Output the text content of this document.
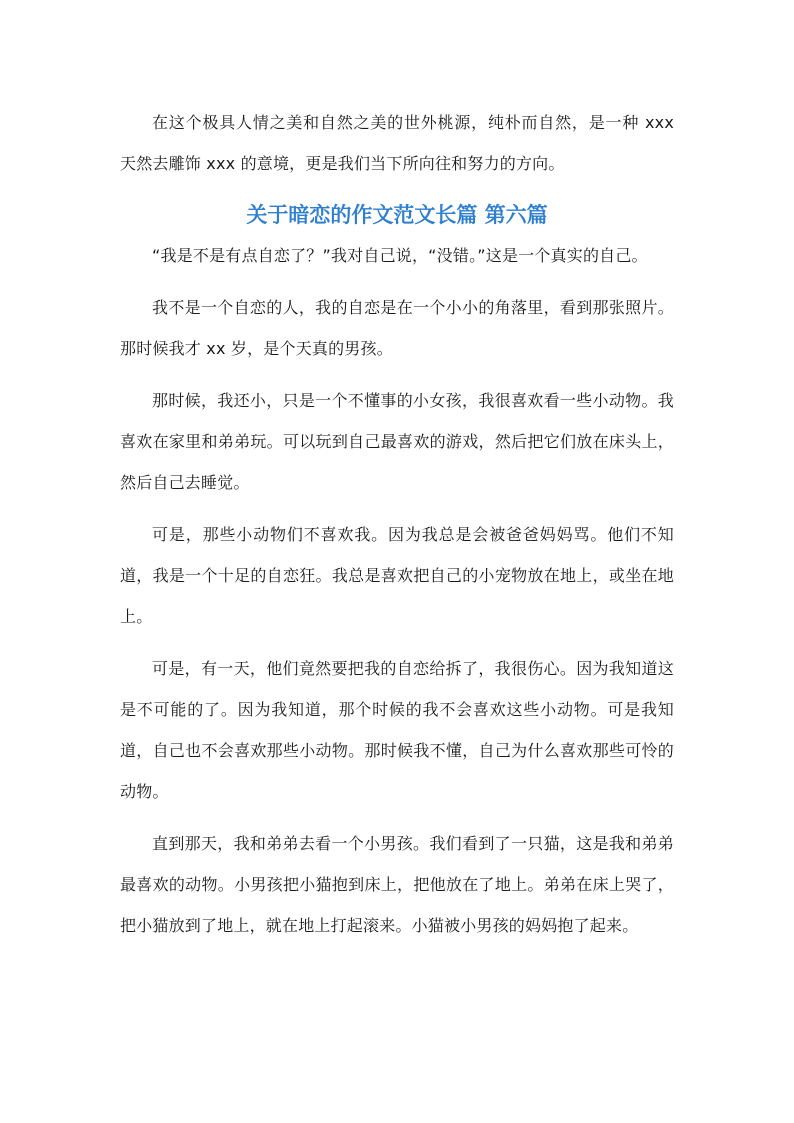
在这个极具人情之美和自然之美的世外桃源，纯朴而自然，是一种 xxx 天然去雕饰 xxx 的意境，更是我们当下所向往和努力的方向。

关于暗恋的作文范文长篇 第六篇

“我是不是有点自恋了？”我对自己说，“没错。”这是一个真实的自己。

我不是一个自恋的人，我的自恋是在一个小小的角落里，看到那张照片。那时候我才 xx 岁，是个天真的男孩。

那时候，我还小，只是一个不懂事的小女孩，我很喜欢看一些小动物。我喜欢在家里和弟弟玩。可以玩到自己最喜欢的游戏，然后把它们放在床头上，然后自己去睡觉。

可是，那些小动物们不喜欢我。因为我总是会被爸爸妈妈骂。他们不知道，我是一个十足的自恋狂。我总是喜欢把自己的小宠物放在地上，或坐在地上。

可是，有一天，他们竟然要把我的自恋给拆了，我很伤心。因为我知道这是不可能的了。因为我知道，那个时候的我不会喜欢这些小动物。可是我知道，自己也不会喜欢那些小动物。那时候我不懂，自己为什么喜欢那些可怜的动物。

直到那天，我和弟弟去看一个小男孩。我们看到了一只猫，这是我和弟弟最喜欢的动物。小男孩把小猫抱到床上，把他放在了地上。弟弟在床上哭了，把小猫放到了地上，就在地上打起滚来。小猫被小男孩的妈妈抱了起来。
